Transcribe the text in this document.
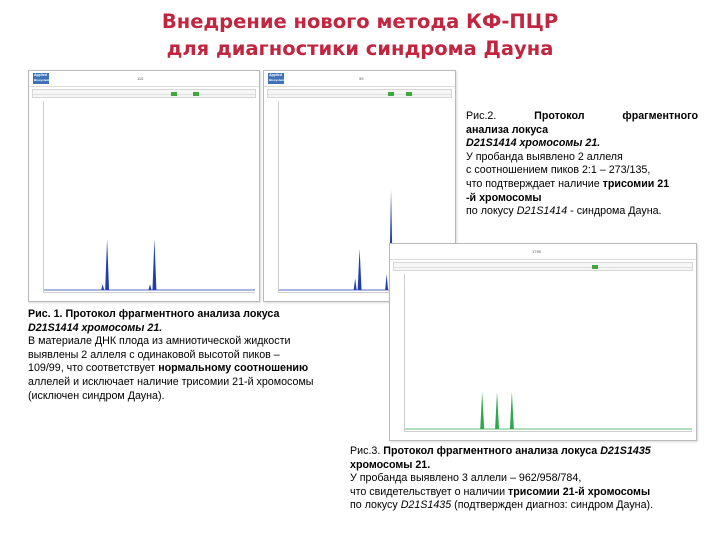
Внедрение нового метода КФ-ПЦР
для диагностики синдрома Дауна
Applied
Biosystems	110
Applied
Biosystems	99
1795
Рис.2.	Протокол	фрагментного
анализа локуса
D21S1414 хромосомы 21.
У пробанда выявлено 2 аллеля
с соотношением пиков 2:1 – 273/135,
что подтверждает наличие трисомии 21
-й хромосомы
по локусу D21S1414 - синдрома Дауна.
Рис. 1. Протокол фрагментного анализа локуса
D21S1414 хромосомы 21.
В материале ДНК плода из амниотической жидкости
выявлены 2 аллеля с одинаковой высотой пиков –
109/99, что соответствует нормальному соотношению
аллелей и исключает наличие трисомии 21-й хромосомы
(исключен синдром Дауна).
Рис.3. Протокол фрагментного анализа локуса D21S1435
хромосомы 21.
У пробанда выявлено 3 аллели – 962/958/784,
что свидетельствует о наличии трисомии 21-й хромосомы
по локусу D21S1435 (подтвержден диагноз: синдром Дауна).
